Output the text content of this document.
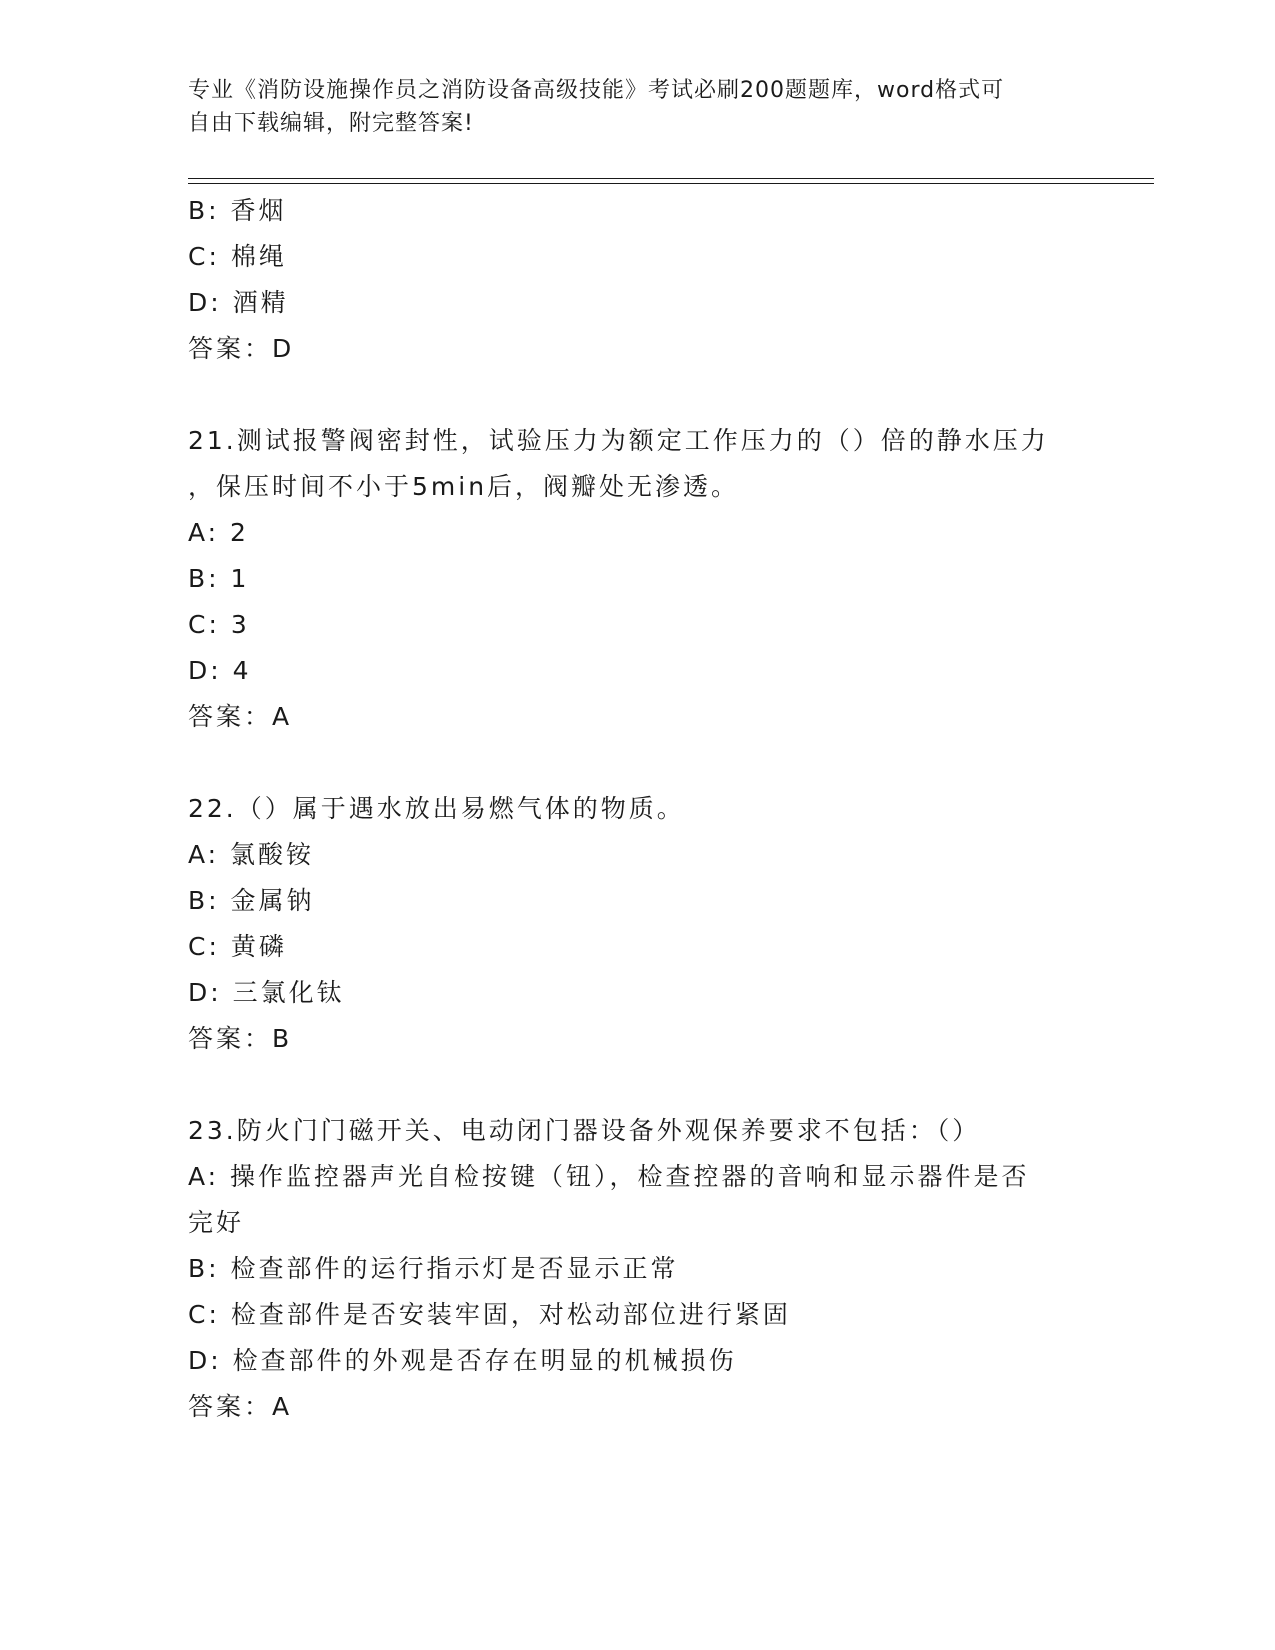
专业《消防设施操作员之消防设备高级技能》考试必刷200题题库，word格式可
自由下载编辑，附完整答案!
B: 香烟
C: 棉绳
D: 酒精
答案：D
21.测试报警阀密封性，试验压力为额定工作压力的（）倍的静水压力
，保压时间不小于5min后，阀瓣处无渗透。
A: 2
B: 1
C: 3
D: 4
答案：A
22.（）属于遇水放出易燃气体的物质。
A: 氯酸铵
B: 金属钠
C: 黄磷
D: 三氯化钛
答案：B
23.防火门门磁开关、电动闭门器设备外观保养要求不包括：（）
A: 操作监控器声光自检按键（钮），检查控器的音响和显示器件是否
完好
B: 检查部件的运行指示灯是否显示正常
C: 检查部件是否安装牢固，对松动部位进行紧固
D: 检查部件的外观是否存在明显的机械损伤
答案：A
